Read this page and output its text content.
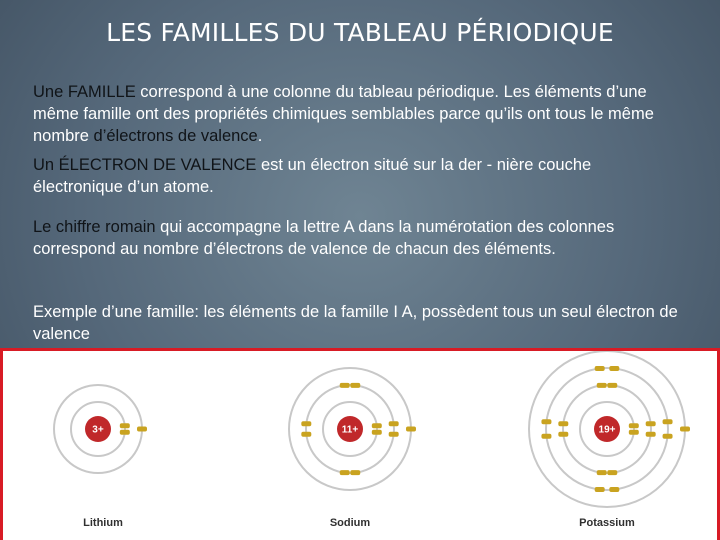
LES FAMILLES DU TABLEAU PÉRIODIQUE
Une FAMILLE correspond à une colonne du tableau périodique. Les éléments d’une même famille ont des propriétés chimiques semblables parce qu’ils ont tous le même nombre d’électrons de valence.
Un ÉLECTRON DE VALENCE est un électron situé sur la der - nière couche électronique d’un atome.
Le chiffre romain qui accompagne la lettre A dans la numérotation des colonnes correspond au nombre d’électrons de valence de chacun des éléments.
Exemple d’une famille: les éléments de la famille I A, possèdent tous un seul électron de valence
3+
Lithium
11+
Sodium
19+
Potassium
